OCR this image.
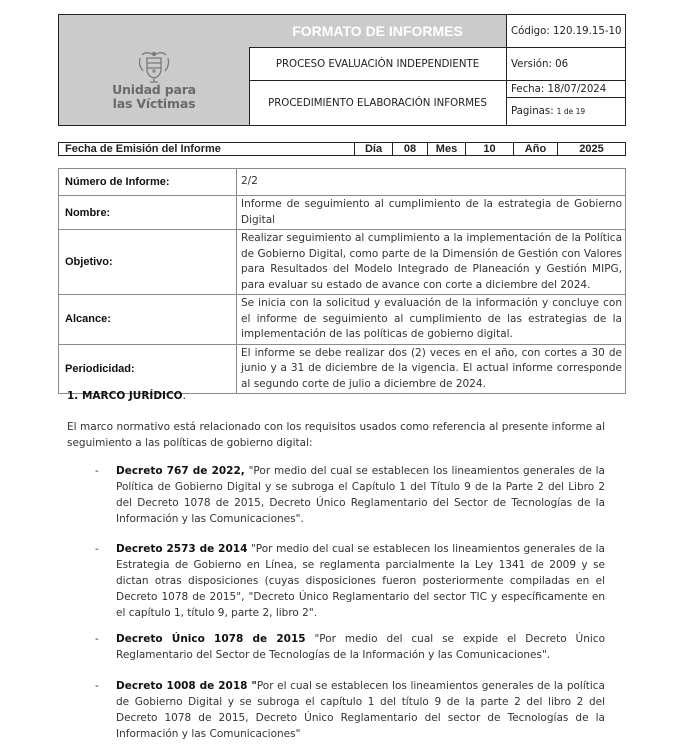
Unidad para
las Víctimas
FORMATO DE INFORMES
PROCESO EVALUACIÒN INDEPENDIENTE
PROCEDIMIENTO ELABORACIÓN INFORMES
Código: 120.19.15-10
Versión: 06
Fecha: 18/07/2024
Paginas: 1 de 19
Fecha de Emisión del Informe	Día	08	Mes	10	Año	2025
Número de Informe:	2/2
Nombre:	Informe de seguimiento al cumplimiento de la estrategia de Gobierno Digital
Objetivo:	Realizar seguimiento al cumplimiento a la implementación de la Política de Gobierno Digital, como parte de la Dimensión de Gestión con Valores para Resultados del Modelo Integrado de Planeación y Gestión MIPG, para evaluar su estado de avance con corte a diciembre del 2024.
Alcance:	Se inicia con la solicitud y evaluación de la información y concluye con el informe de seguimiento al cumplimiento de las estrategias de la implementación de las políticas de gobierno digital.
Periodicidad:	El informe se debe realizar dos (2) veces en el año, con cortes a 30 de junio y a 31 de diciembre de la vigencia. El actual informe corresponde al segundo corte de julio a diciembre de 2024.
1. MARCO JURÍDICO.
El marco normativo está relacionado con los requisitos usados como referencia al presente informe al seguimiento a las políticas de gobierno digital:
- Decreto 767 de 2022, "Por medio del cual se establecen los lineamientos generales de la Política de Gobierno Digital y se subroga el Capítulo 1 del Título 9 de la Parte 2 del Libro 2 del Decreto 1078 de 2015, Decreto Único Reglamentario del Sector de Tecnologías de la Información y las Comunicaciones".
- Decreto 2573 de 2014 "Por medio del cual se establecen los lineamientos generales de la Estrategia de Gobierno en Línea, se reglamenta parcialmente la Ley 1341 de 2009 y se dictan otras disposiciones (cuyas disposiciones fueron posteriormente compiladas en el Decreto 1078 de 2015", "Decreto Único Reglamentario del sector TIC y específicamente en el capítulo 1, título 9, parte 2, libro 2".
- Decreto Único 1078 de 2015 "Por medio del cual se expide el Decreto Único Reglamentario del Sector de Tecnologías de la Información y las Comunicaciones".
- Decreto 1008 de 2018 "Por el cual se establecen los lineamientos generales de la política de Gobierno Digital y se subroga el capítulo 1 del título 9 de la parte 2 del libro 2 del Decreto 1078 de 2015, Decreto Único Reglamentario del sector de Tecnologías de la Información y las Comunicaciones"
